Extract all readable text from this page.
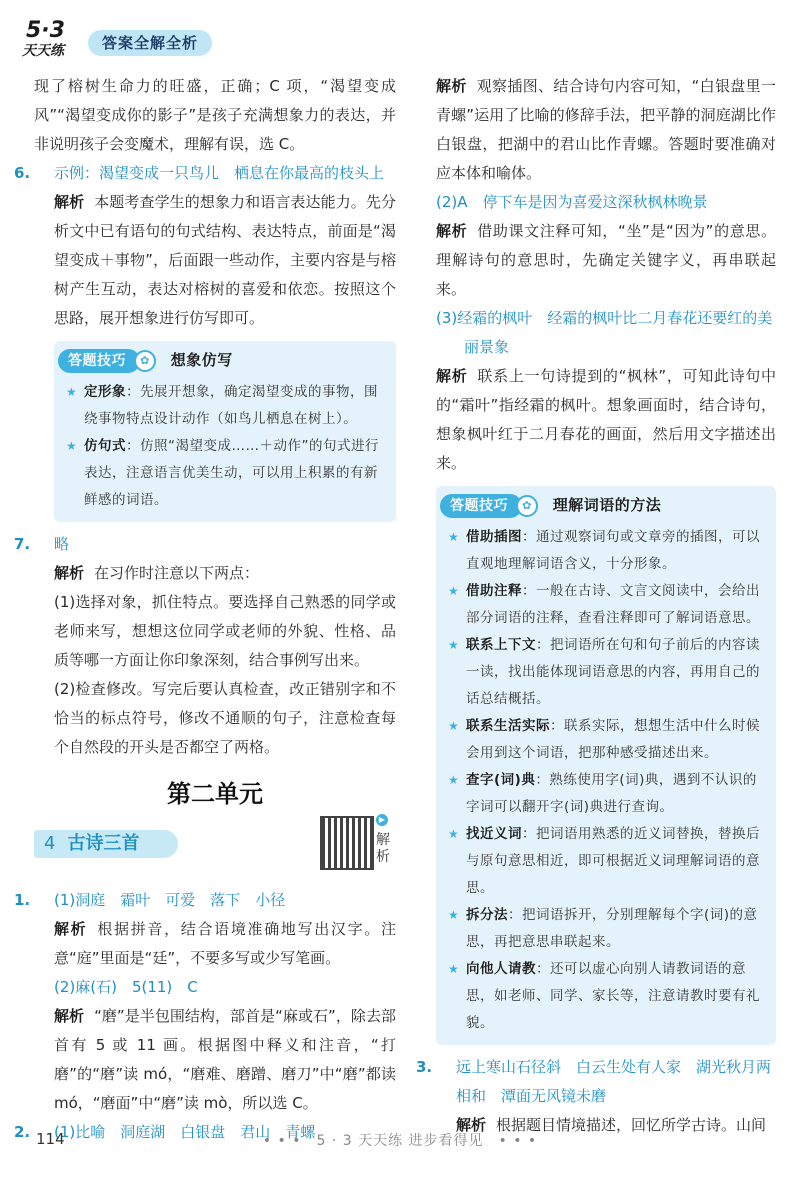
5·3
天天练	答案全解全析

现了榕树生命力的旺盛，正确；C 项，“渴望变成风”“渴望变成你的影子”是孩子充满想象力的表达，并非说明孩子会变魔术，理解有误，选 C。

6. 示例：渴望变成一只鸟儿　栖息在你最高的枝头上

解析 本题考查学生的想象力和语言表达能力。先分析文中已有语句的句式结构、表达特点，前面是“渴望变成＋事物”，后面跟一些动作，主要内容是与榕树产生互动，表达对榕树的喜爱和依恋。按照这个思路，展开想象进行仿写即可。

答题技巧 ✿ 想象仿写
★ 定形象：先展开想象，确定渴望变成的事物，围绕事物特点设计动作（如鸟儿栖息在树上）。
★ 仿句式：仿照“渴望变成……＋动作”的句式进行表达，注意语言优美生动，可以用上积累的有新鲜感的词语。

7. 略

解析 在习作时注意以下两点：

(1)选择对象，抓住特点。要选择自己熟悉的同学或老师来写，想想这位同学或老师的外貌、性格、品质等哪一方面让你印象深刻，结合事例写出来。

(2)检查修改。写完后要认真检查，改正错别字和不恰当的标点符号，修改不通顺的句子，注意检查每个自然段的开头是否都空了两格。

第二单元
4 古诗三首
▶
解析

1. (1)洞庭　霜叶　可爱　落下　小径

解析 根据拼音，结合语境准确地写出汉字。注意“庭”里面是“廷”，不要多写或少写笔画。

(2)麻(石)　5(11)　C

解析 “磨”是半包围结构，部首是“麻或石”，除去部首有 5 或 11 画。根据图中释义和注音，“打磨”的“磨”读 mó，“磨难、磨蹭、磨刀”中“磨”都读 mó，“磨面”中“磨”读 mò，所以选 C。

2. (1)比喻　洞庭湖　白银盘　君山　青螺

解析 观察插图、结合诗句内容可知，“白银盘里一青螺”运用了比喻的修辞手法，把平静的洞庭湖比作白银盘，把湖中的君山比作青螺。答题时要准确对应本体和喻体。

(2)A　停下车是因为喜爱这深秋枫林晚景

解析 借助课文注释可知，“坐”是“因为”的意思。理解诗句的意思时，先确定关键字义，再串联起来。

(3)经霜的枫叶　经霜的枫叶比二月春花还要红的美丽景象

解析 联系上一句诗提到的“枫林”，可知此诗句中的“霜叶”指经霜的枫叶。想象画面时，结合诗句，想象枫叶红于二月春花的画面，然后用文字描述出来。

答题技巧 ✿ 理解词语的方法
★ 借助插图：通过观察词句或文章旁的插图，可以直观地理解词语含义，十分形象。
★ 借助注释：一般在古诗、文言文阅读中，会给出部分词语的注释，查看注释即可了解词语意思。
★ 联系上下文：把词语所在句和句子前后的内容读一读，找出能体现词语意思的内容，再用自己的话总结概括。
★ 联系生活实际：联系实际，想想生活中什么时候会用到这个词语，把那种感受描述出来。
★ 查字(词)典：熟练使用字(词)典，遇到不认识的字词可以翻开字(词)典进行查询。
★ 找近义词：把词语用熟悉的近义词替换，替换后与原句意思相近，即可根据近义词理解词语的意思。
★ 拆分法：把词语拆开，分别理解每个字(词)的意思，再把意思串联起来。
★ 向他人请教：还可以虚心向别人请教词语的意思，如老师、同学、家长等，注意请教时要有礼貌。

3. 远上寒山石径斜　白云生处有人家　湖光秋月两相和　潭面无风镜未磨

解析 根据题目情境描述，回忆所学古诗。山间

114	• • •　5 · 3 天天练 进步看得见　• • •
